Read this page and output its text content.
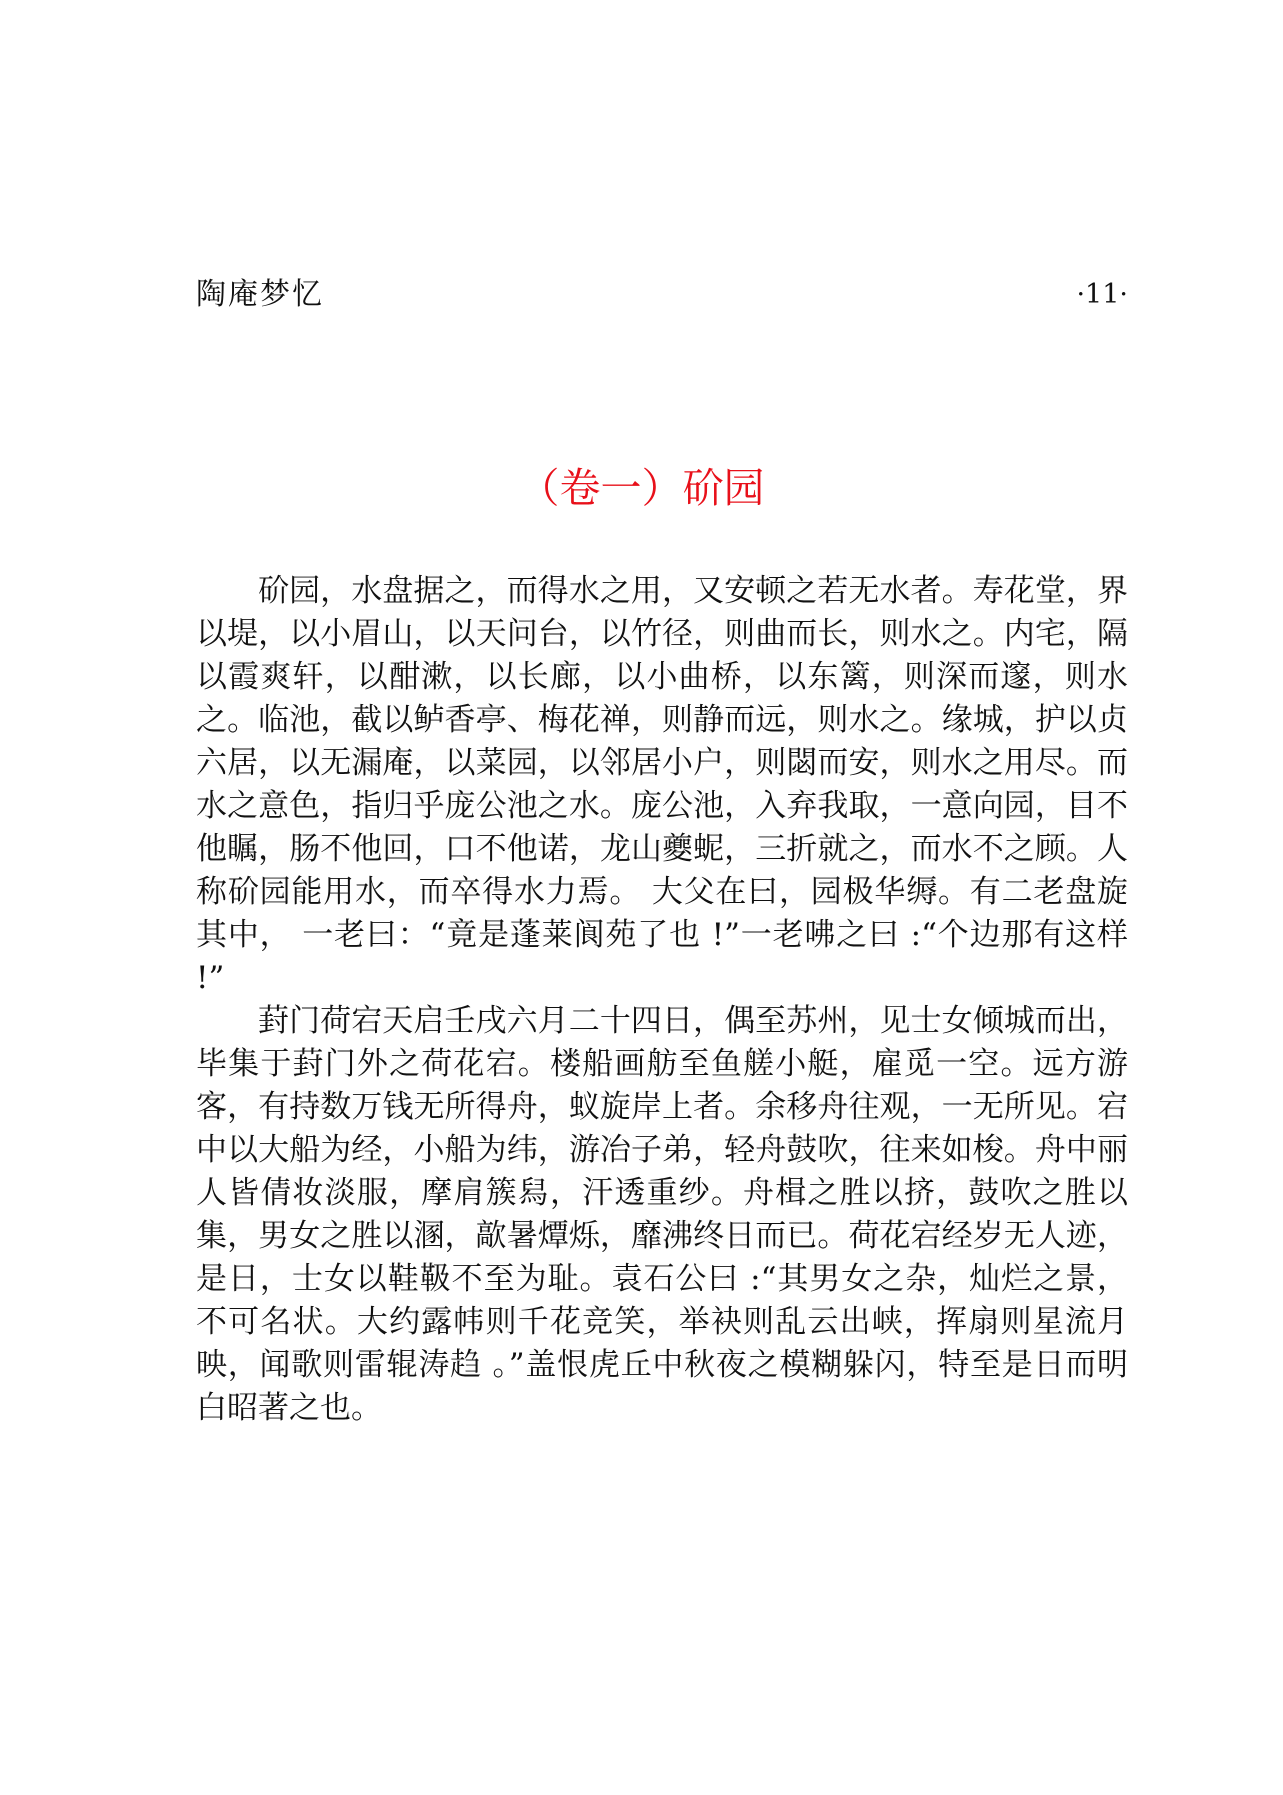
陶庵梦忆	·11·
（卷一）砎园

砎园，水盘据之，而得水之用，又安顿之若无水者。寿花堂，界以堤，以小眉山，以天问台，以竹径，则曲而长，则水之。内宅，隔以霞爽轩，以酣漱，以长廊，以小曲桥，以东篱，则深而邃，则水之。临池，截以鲈香亭、梅花禅，则静而远，则水之。缘城，护以贞六居，以无漏庵，以菜园，以邻居小户，则閟而安，则水之用尽。而水之意色，指归乎庞公池之水。庞公池，入弃我取，一意向园，目不他瞩，肠不他回，口不他诺，龙山夔蚭，三折就之，而水不之顾。人称砎园能用水，而卒得水力焉。 大父在曰，园极华缛。有二老盘旋其中， 一老曰：“竟是蓬莱阆苑了也 !”一老咈之曰 :“个边那有这样 !”

葑门荷宕天启壬戌六月二十四日，偶至苏州，见士女倾城而出，毕集于葑门外之荷花宕。楼船画舫至鱼艖小艇，雇觅一空。远方游客，有持数万钱无所得舟，蚁旋岸上者。余移舟往观，一无所见。宕中以大船为经，小船为纬，游冶子弟，轻舟鼓吹，往来如梭。舟中丽人皆倩妆淡服，摩肩簇舄，汗透重纱。舟楫之胜以挤，鼓吹之胜以集，男女之胜以溷，歊暑燂烁，靡沸终日而已。荷花宕经岁无人迹，是日，士女以鞋靸不至为耻。袁石公曰 :“其男女之杂，灿烂之景，不可名状。大约露帏则千花竞笑，举袂则乱云出峡，挥扇则星流月映，闻歌则雷辊涛趋 。”盖恨虎丘中秋夜之模糊躲闪，特至是日而明白昭著之也。
